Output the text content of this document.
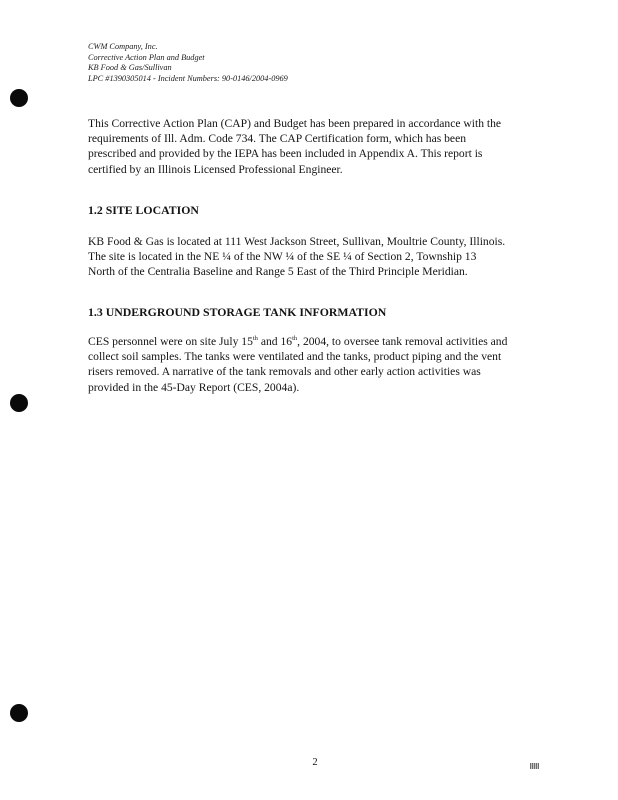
CWM Company, Inc.
Corrective Action Plan and Budget
KB Food & Gas/Sullivan
LPC #1390305014 - Incident Numbers: 90-0146/2004-0969

This Corrective Action Plan (CAP) and Budget has been prepared in accordance with the
requirements of Ill. Adm. Code 734. The CAP Certification form, which has been
prescribed and provided by the IEPA has been included in Appendix A. This report is
certified by an Illinois Licensed Professional Engineer.

1.2 SITE LOCATION

KB Food & Gas is located at 111 West Jackson Street, Sullivan, Moultrie County, Illinois.
The site is located in the NE ¼ of the NW ¼ of the SE ¼ of Section 2, Township 13
North of the Centralia Baseline and Range 5 East of the Third Principle Meridian.

1.3 UNDERGROUND STORAGE TANK INFORMATION

CES personnel were on site July 15th and 16th, 2004, to oversee tank removal activities and
collect soil samples. The tanks were ventilated and the tanks, product piping and the vent
risers removed. A narrative of the tank removals and other early action activities was
provided in the 45-Day Report (CES, 2004a).

2
